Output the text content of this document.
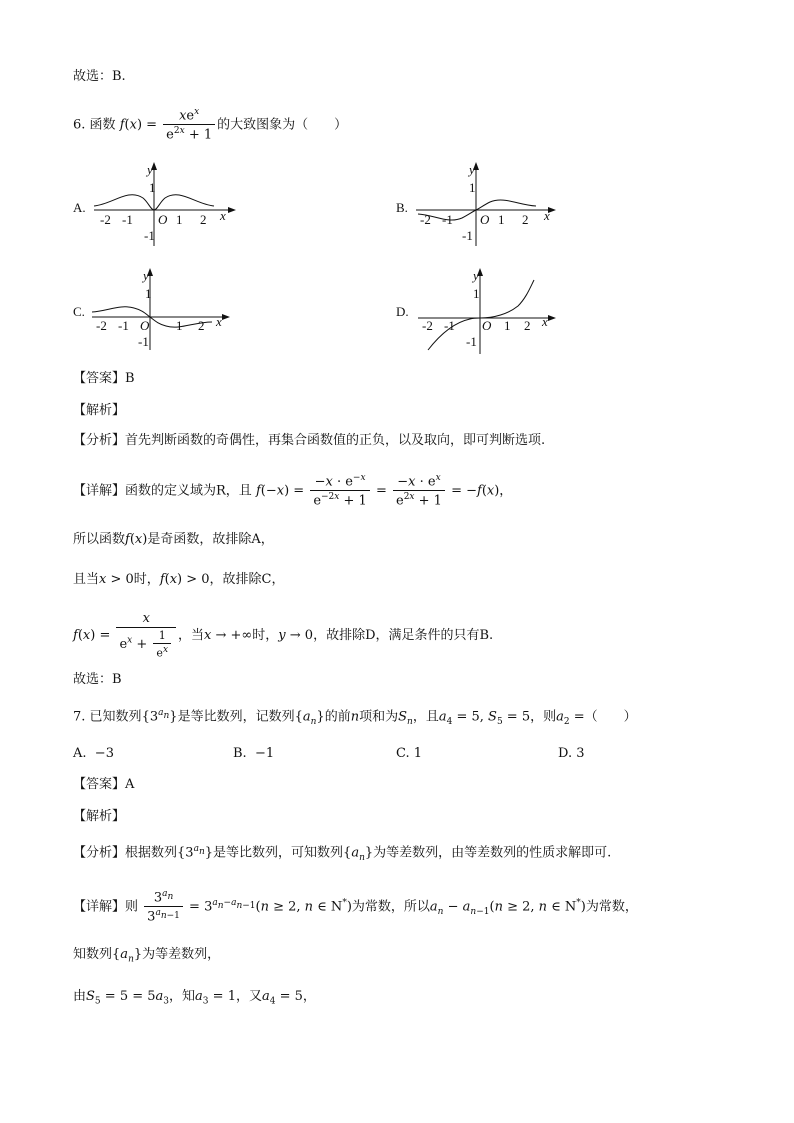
故选：B.
6. 函数 $f(x) = \frac{xe^x}{e^{2x} + 1}$ 的大致图象为（　　）
A.
y
1
-1
-2 -1 O 1 2 x
B.
y
1
-1
-2 -1 O 1 2 x
C.
y
1
-1
-2 -1 O 1 2 x
D.
y
1
-1
-2 -1 O 1 2 x
【答案】B
【解析】
【分析】首先判断函数的奇偶性，再集合函数值的正负，以及取向，即可判断选项.
【详解】函数的定义域为R，且 $f(-x) = \frac{-x \cdot e^{-x}}{e^{-2x} + 1} = \frac{-x \cdot e^x}{e^{2x} + 1} = -f(x)$，
所以函数f(x)是奇函数，故排除A，
且当x > 0时，f(x) > 0，故排除C，
$f(x) = \frac{x}{e^x + \frac{1}{e^x}}$ ，当x → +∞时，y → 0，故排除D，满足条件的只有B.
故选：B
7. 已知数列$\{3^{a_n}\}$是等比数列，记数列$\{a_n\}$的前n项和为$S_n$，且$a_4 = 5$, $S_5 = 5$，则$a_2$ =（　　）
A. −3	B. −1	C. 1	D. 3
【答案】A
【解析】
【分析】根据数列$\{3^{a_n}\}$是等比数列，可知数列$\{a_n\}$为等差数列，由等差数列的性质求解即可.
【详解】则 $\frac{3^{a_n}}{3^{a_{n-1}}} = 3^{a_n-a_{n-1}}(n \ge 2$, n ∈ N*)为常数，所以$a_n - a_{n-1}(n \ge 2$, n ∈ N*)为常数，
知数列$\{a_n\}$为等差数列，
由$S_5 = 5 = 5a_3$，知$a_3 = 1$，又$a_4 = 5$，
